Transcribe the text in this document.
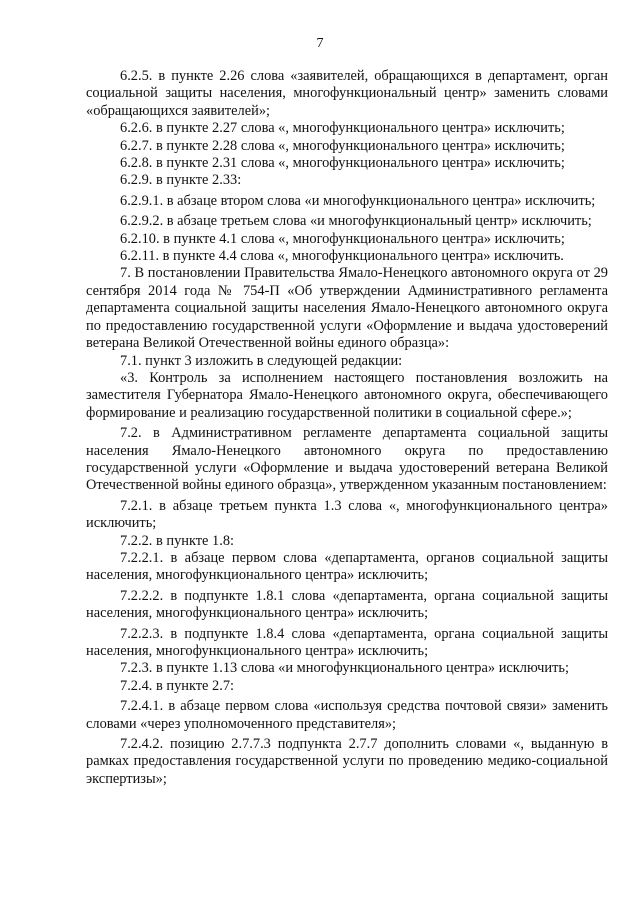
7

6.2.5. в пункте 2.26 слова «заявителей, обращающихся в департамент, орган социальной защиты населения, многофункциональный центр» заменить словами «обращающихся заявителей»;

6.2.6. в пункте 2.27 слова «, многофункционального центра» исключить;

6.2.7. в пункте 2.28 слова «, многофункционального центра» исключить;

6.2.8. в пункте 2.31 слова «, многофункционального центра» исключить;

6.2.9. в пункте 2.33:

6.2.9.1. в абзаце втором слова «и многофункционального центра» исключить;

6.2.9.2. в абзаце третьем слова «и многофункциональный центр» исключить;

6.2.10. в пункте 4.1 слова «, многофункционального центра» исключить;

6.2.11. в пункте 4.4 слова «, многофункционального центра» исключить.

7. В постановлении Правительства Ямало-Ненецкого автономного округа от 29 сентября 2014 года № 754-П «Об утверждении Административного регламента департамента социальной защиты населения Ямало-Ненецкого автономного округа по предоставлению государственной услуги «Оформление и выдача удостоверений ветерана Великой Отечественной войны единого образца»:

7.1. пункт 3 изложить в следующей редакции:

«3. Контроль за исполнением настоящего постановления возложить на заместителя Губернатора Ямало-Ненецкого автономного округа, обеспечивающего формирование и реализацию государственной политики в социальной сфере.»;

7.2. в Административном регламенте департамента социальной защиты населения Ямало-Ненецкого автономного округа по предоставлению государственной услуги «Оформление и выдача удостоверений ветерана Великой Отечественной войны единого образца», утвержденном указанным постановлением:

7.2.1. в абзаце третьем пункта 1.3 слова «, многофункционального центра» исключить;

7.2.2. в пункте 1.8:

7.2.2.1. в абзаце первом слова «департамента, органов социальной защиты населения, многофункционального центра» исключить;

7.2.2.2. в подпункте 1.8.1 слова «департамента, органа социальной защиты населения, многофункционального центра» исключить;

7.2.2.3. в подпункте 1.8.4 слова «департамента, органа социальной защиты населения, многофункционального центра» исключить;

7.2.3. в пункте 1.13 слова «и многофункционального центра» исключить;

7.2.4. в пункте 2.7:

7.2.4.1. в абзаце первом слова «используя средства почтовой связи» заменить словами «через уполномоченного представителя»;

7.2.4.2. позицию 2.7.7.3 подпункта 2.7.7 дополнить словами «, выданную в рамках предоставления государственной услуги по проведению медико-социальной экспертизы»;
